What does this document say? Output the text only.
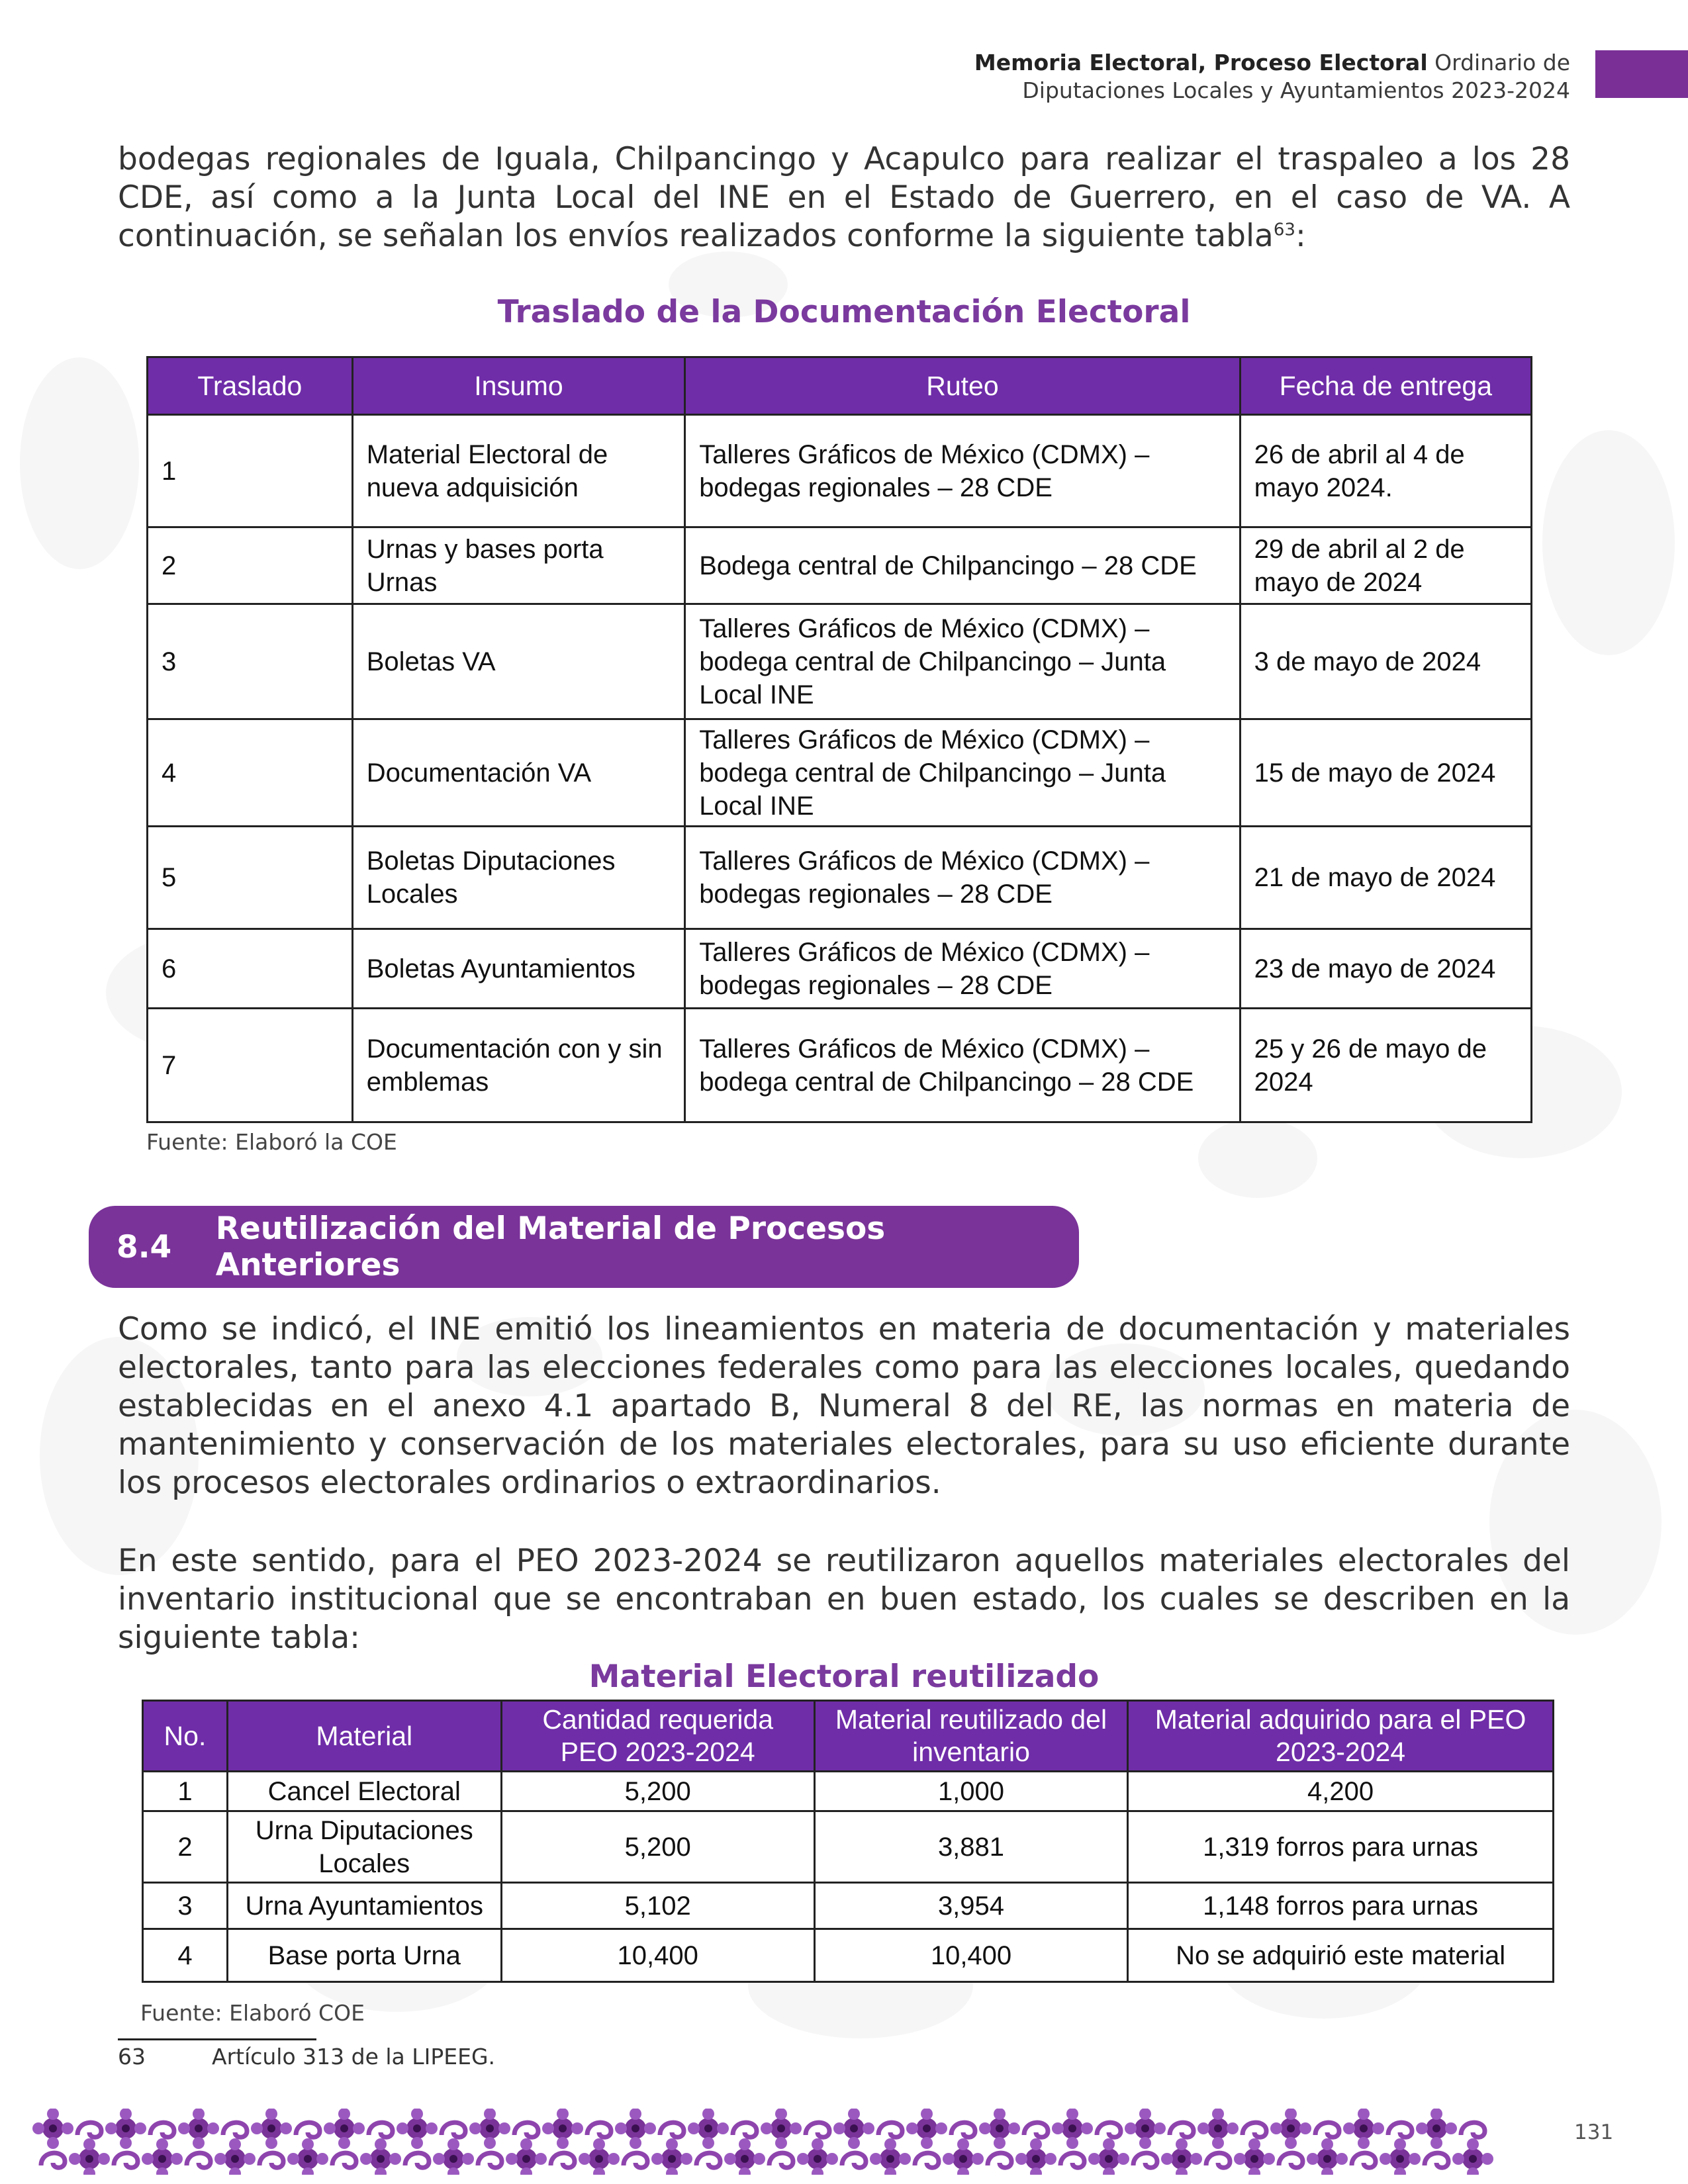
Memoria Electoral, Proceso Electoral Ordinario de
Diputaciones Locales y Ayuntamientos 2023-2024
bodegas regionales de Iguala, Chilpancingo y Acapulco para realizar el traspaleo a los 28 CDE, así como a la Junta Local del INE en el Estado de Guerrero, en el caso de VA. A continuación, se señalan los envíos realizados conforme la siguiente tabla$^{63}$:
Traslado de la Documentación Electoral
Traslado	Insumo	Ruteo	Fecha de entrega
1	Material Electoral de nueva adquisición	Talleres Gráficos de México (CDMX) – bodegas regionales – 28 CDE	26 de abril al 4 de mayo 2024.
2	Urnas y bases porta Urnas	Bodega central de Chilpancingo – 28 CDE	29 de abril al 2 de mayo de 2024
3	Boletas VA	Talleres Gráficos de México (CDMX) – bodega central de Chilpancingo – Junta Local INE	3 de mayo de 2024
4	Documentación VA	Talleres Gráficos de México (CDMX) – bodega central de Chilpancingo – Junta Local INE	15 de mayo de 2024
5	Boletas Diputaciones Locales	Talleres Gráficos de México (CDMX) – bodegas regionales – 28 CDE	21 de mayo de 2024
6	Boletas Ayuntamientos	Talleres Gráficos de México (CDMX) – bodegas regionales – 28 CDE	23 de mayo de 2024
7	Documentación con y sin emblemas	Talleres Gráficos de México (CDMX) – bodega central de Chilpancingo – 28 CDE	25 y 26 de mayo de 2024
Fuente: Elaboró la COE
8.4	Reutilización del Material de Procesos Anteriores
Como se indicó, el INE emitió los lineamientos en materia de documentación y materiales electorales, tanto para las elecciones federales como para las elecciones locales, quedando establecidas en el anexo 4.1 apartado B, Numeral 8 del RE, las normas en materia de mantenimiento y conservación de los materiales electorales, para su uso eficiente durante los procesos electorales ordinarios o extraordinarios.
En este sentido, para el PEO 2023-2024 se reutilizaron aquellos materiales electorales del inventario institucional que se encontraban en buen estado, los cuales se describen en la siguiente tabla:
Material Electoral reutilizado
No.	Material	Cantidad requerida PEO 2023-2024	Material reutilizado del inventario	Material adquirido para el PEO 2023-2024
1	Cancel Electoral	5,200	1,000	4,200
2	Urna Diputaciones Locales	5,200	3,881	1,319 forros para urnas
3	Urna Ayuntamientos	5,102	3,954	1,148 forros para urnas
4	Base porta Urna	10,400	10,400	No se adquirió este material
Fuente: Elaboró COE
63	Artículo 313 de la LIPEEG.
131
